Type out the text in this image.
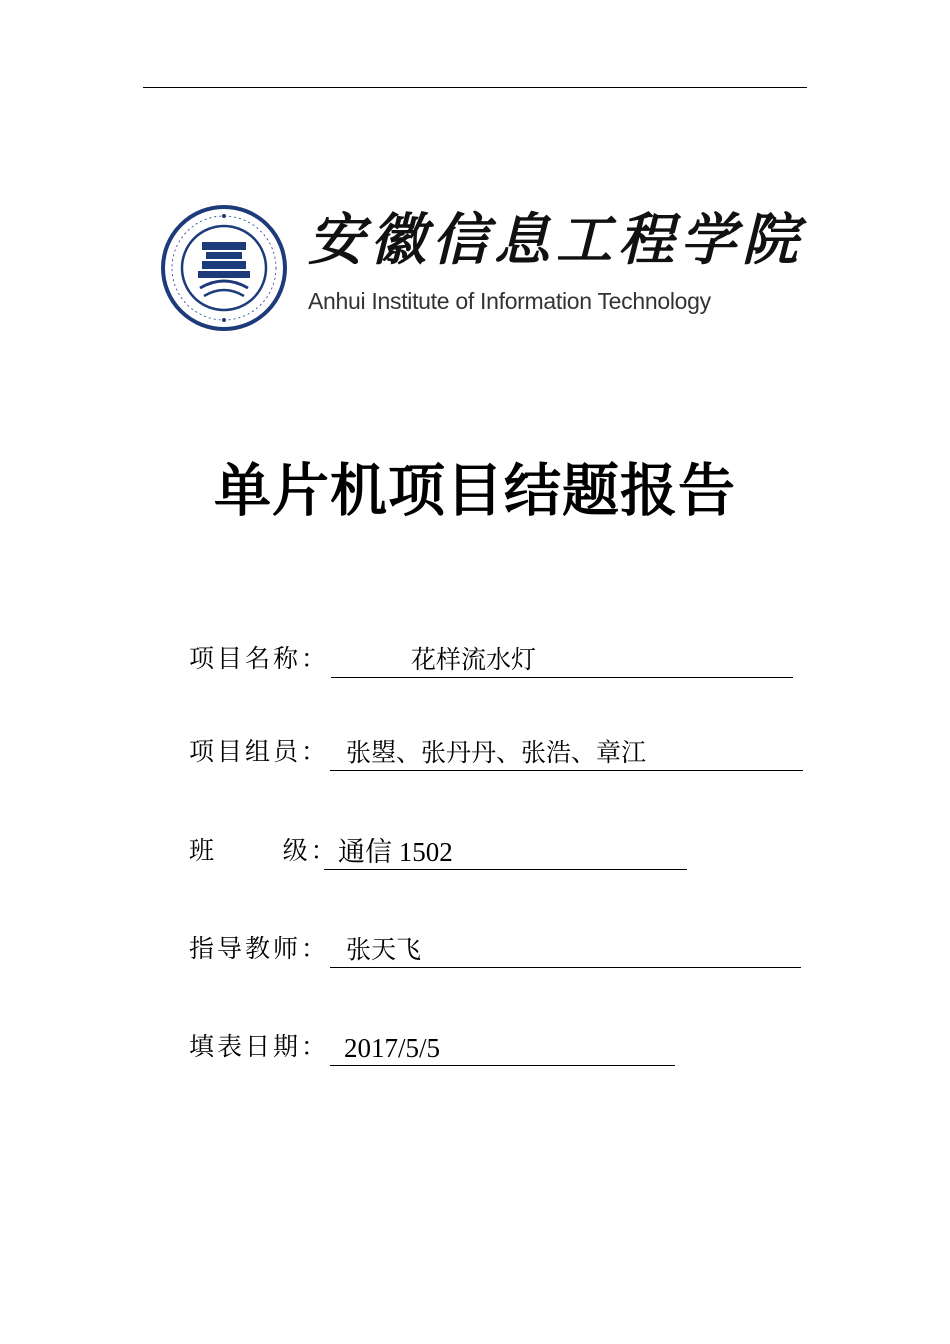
安徽信息工程学院
Anhui Institute of Information Technology
单片机项目结题报告
项目名称：	花样流水灯
项目组员： 张曌、张丹丹、张浩、章江
班      级： 通信 1502
指导教师： 张天飞
填表日期： 2017/5/5
